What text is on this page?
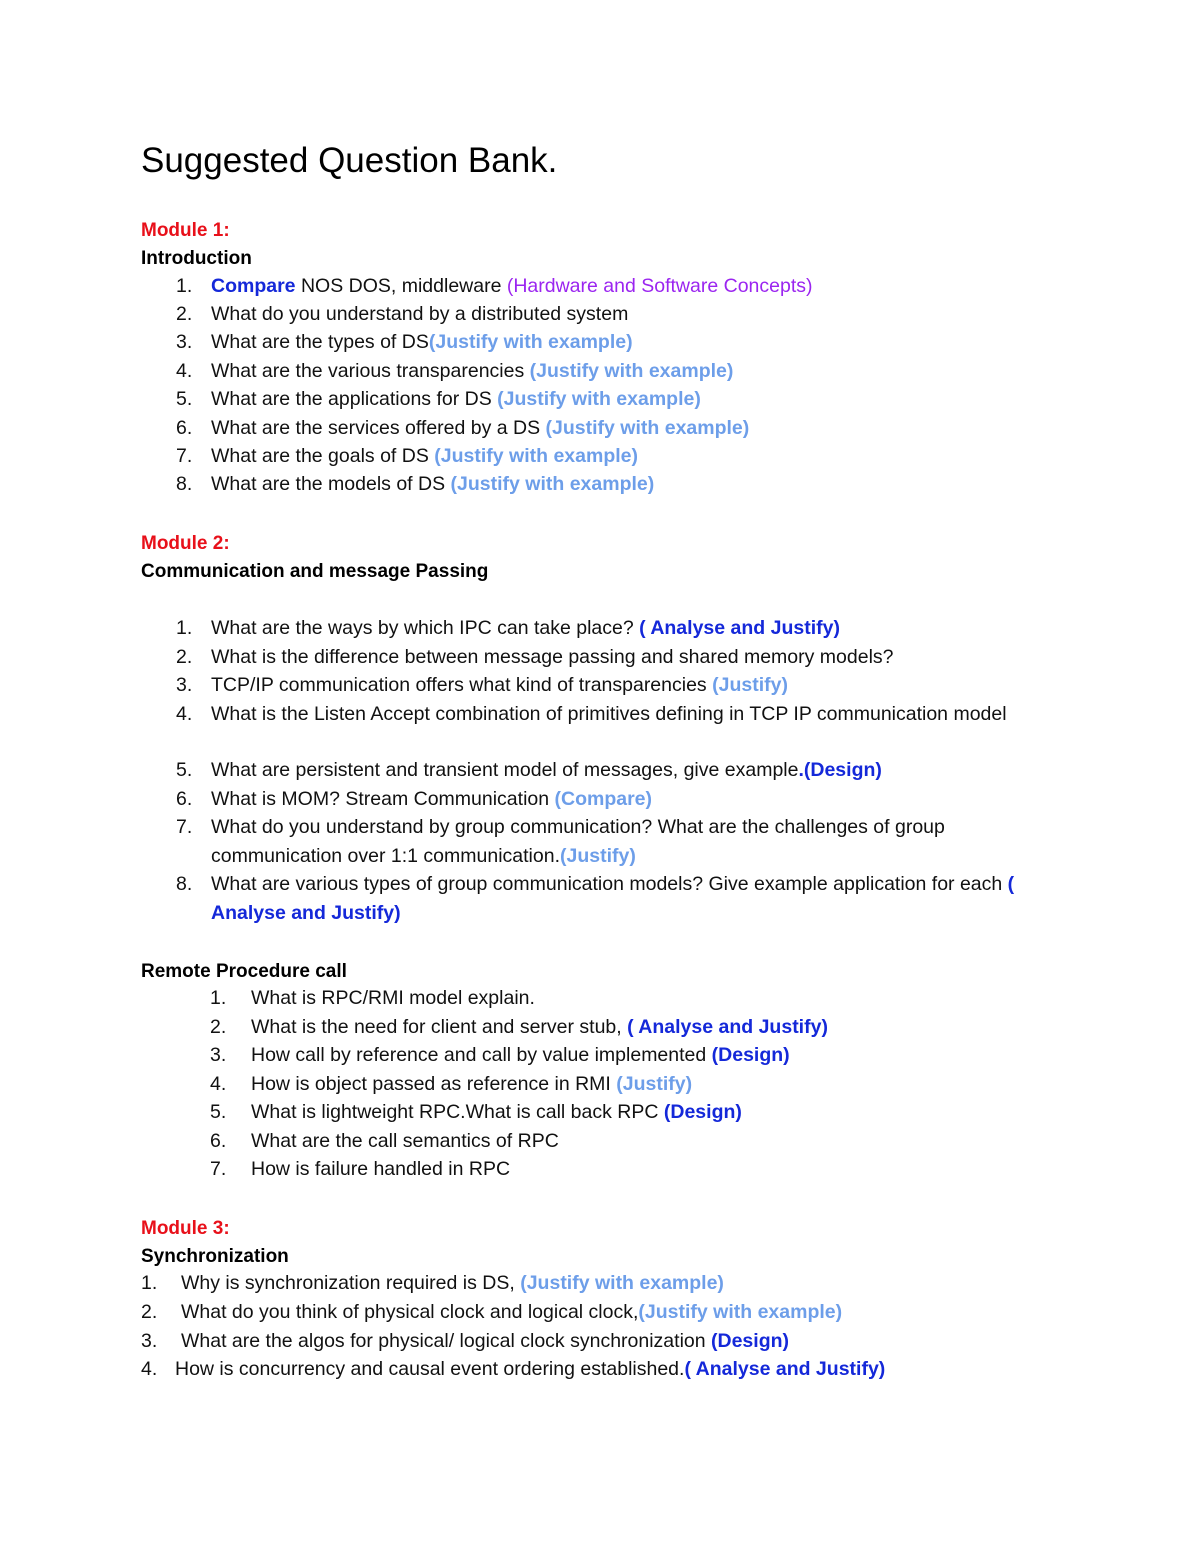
Suggested Question Bank.
Module 1:
Introduction
1. Compare NOS DOS, middleware (Hardware and Software Concepts)
2. What do you understand by a distributed system
3. What are the types of DS(Justify with example)
4. What are the various transparencies (Justify with example)
5. What are the applications for DS (Justify with example)
6. What are the services offered by a DS (Justify with example)
7. What are the goals of DS (Justify with example)
8. What are the models of DS (Justify with example)
Module 2:
Communication and message Passing
1. What are the ways by which IPC can take place? ( Analyse and Justify)
2. What is the difference between message passing and shared memory models?
3. TCP/IP communication offers what kind of transparencies (Justify)
4. What is the Listen Accept combination of primitives defining in TCP IP communication model
5. What are persistent and transient model of messages, give example.(Design)
6. What is MOM? Stream Communication (Compare)
7. What do you understand by group communication? What are the challenges of group communication over 1:1 communication.(Justify)
8. What are various types of group communication models? Give example application for each ( Analyse and Justify)
Remote Procedure call
1. What is RPC/RMI model explain.
2. What is the need for client and server stub, ( Analyse and Justify)
3. How call by reference and call by value implemented (Design)
4. How is object passed as reference in RMI (Justify)
5. What is lightweight RPC.What is call back RPC (Design)
6. What are the call semantics of RPC
7. How is failure handled in RPC
Module 3:
Synchronization
1. Why is synchronization required is DS, (Justify with example)
2. What do you think of physical clock and logical clock,(Justify with example)
3. What are the algos for physical/ logical clock synchronization (Design)
4. How is concurrency and causal event ordering established.( Analyse and Justify)
